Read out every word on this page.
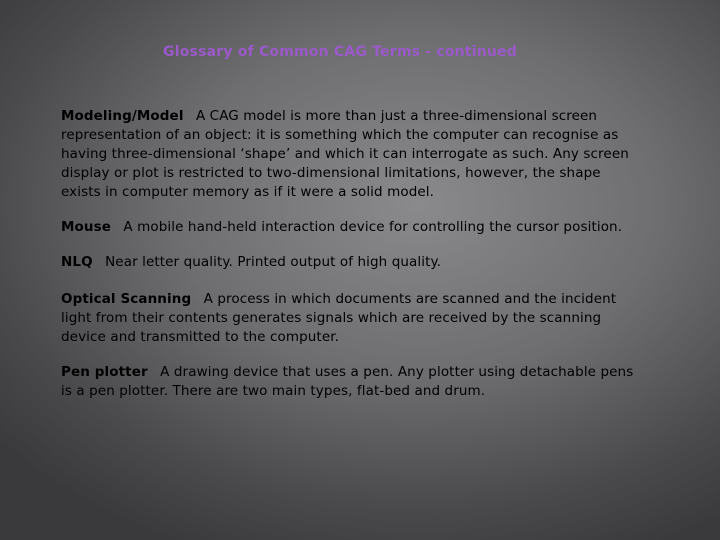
Glossary of Common CAG Terms - continued

Modeling/Model A CAG model is more than just a three-dimensional screen representation of an object: it is something which the computer can recognise as having three-dimensional ‘shape’ and which it can interrogate as such. Any screen display or plot is restricted to two-dimensional limitations, however, the shape exists in computer memory as if it were a solid model.

Mouse A mobile hand-held interaction device for controlling the cursor position.

NLQ Near letter quality. Printed output of high quality.

Optical Scanning A process in which documents are scanned and the incident light from their contents generates signals which are received by the scanning device and transmitted to the computer.

Pen plotter A drawing device that uses a pen. Any plotter using detachable pens is a pen plotter. There are two main types, flat-bed and drum.
